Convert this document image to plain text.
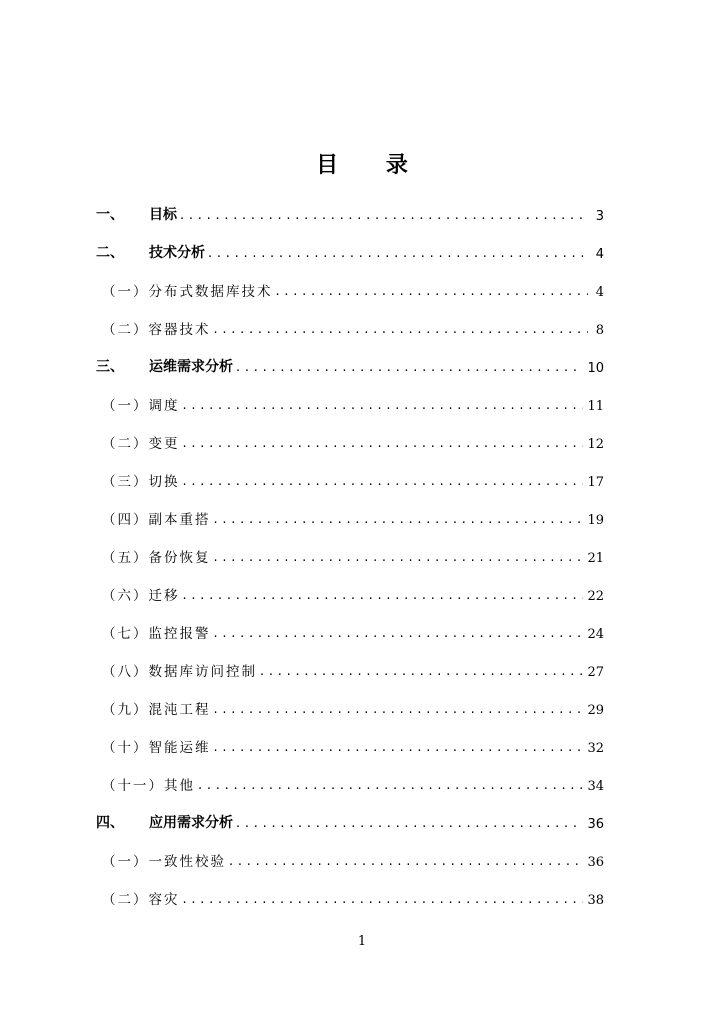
目 录
一、	目标 . . .	3
二、	技术分析 . . .	4
（一） 分布式数据库技术 . . .	4
（二） 容器技术 . . .	8
三、	运维需求分析 . . .	10
（一） 调度 . . .	11
（二） 变更 . . .	12
（三） 切换 . . .	17
（四） 副本重搭 . . .	19
（五） 备份恢复 . . .	21
（六） 迁移 . . .	22
（七） 监控报警 . . .	24
（八） 数据库访问控制 . . .	27
（九） 混沌工程 . . .	29
（十） 智能运维 . . .	32
（十一） 其他 . . .	34
四、	应用需求分析 . . .	36
（一） 一致性校验 . . .	36
（二） 容灾 . . .	38
1
